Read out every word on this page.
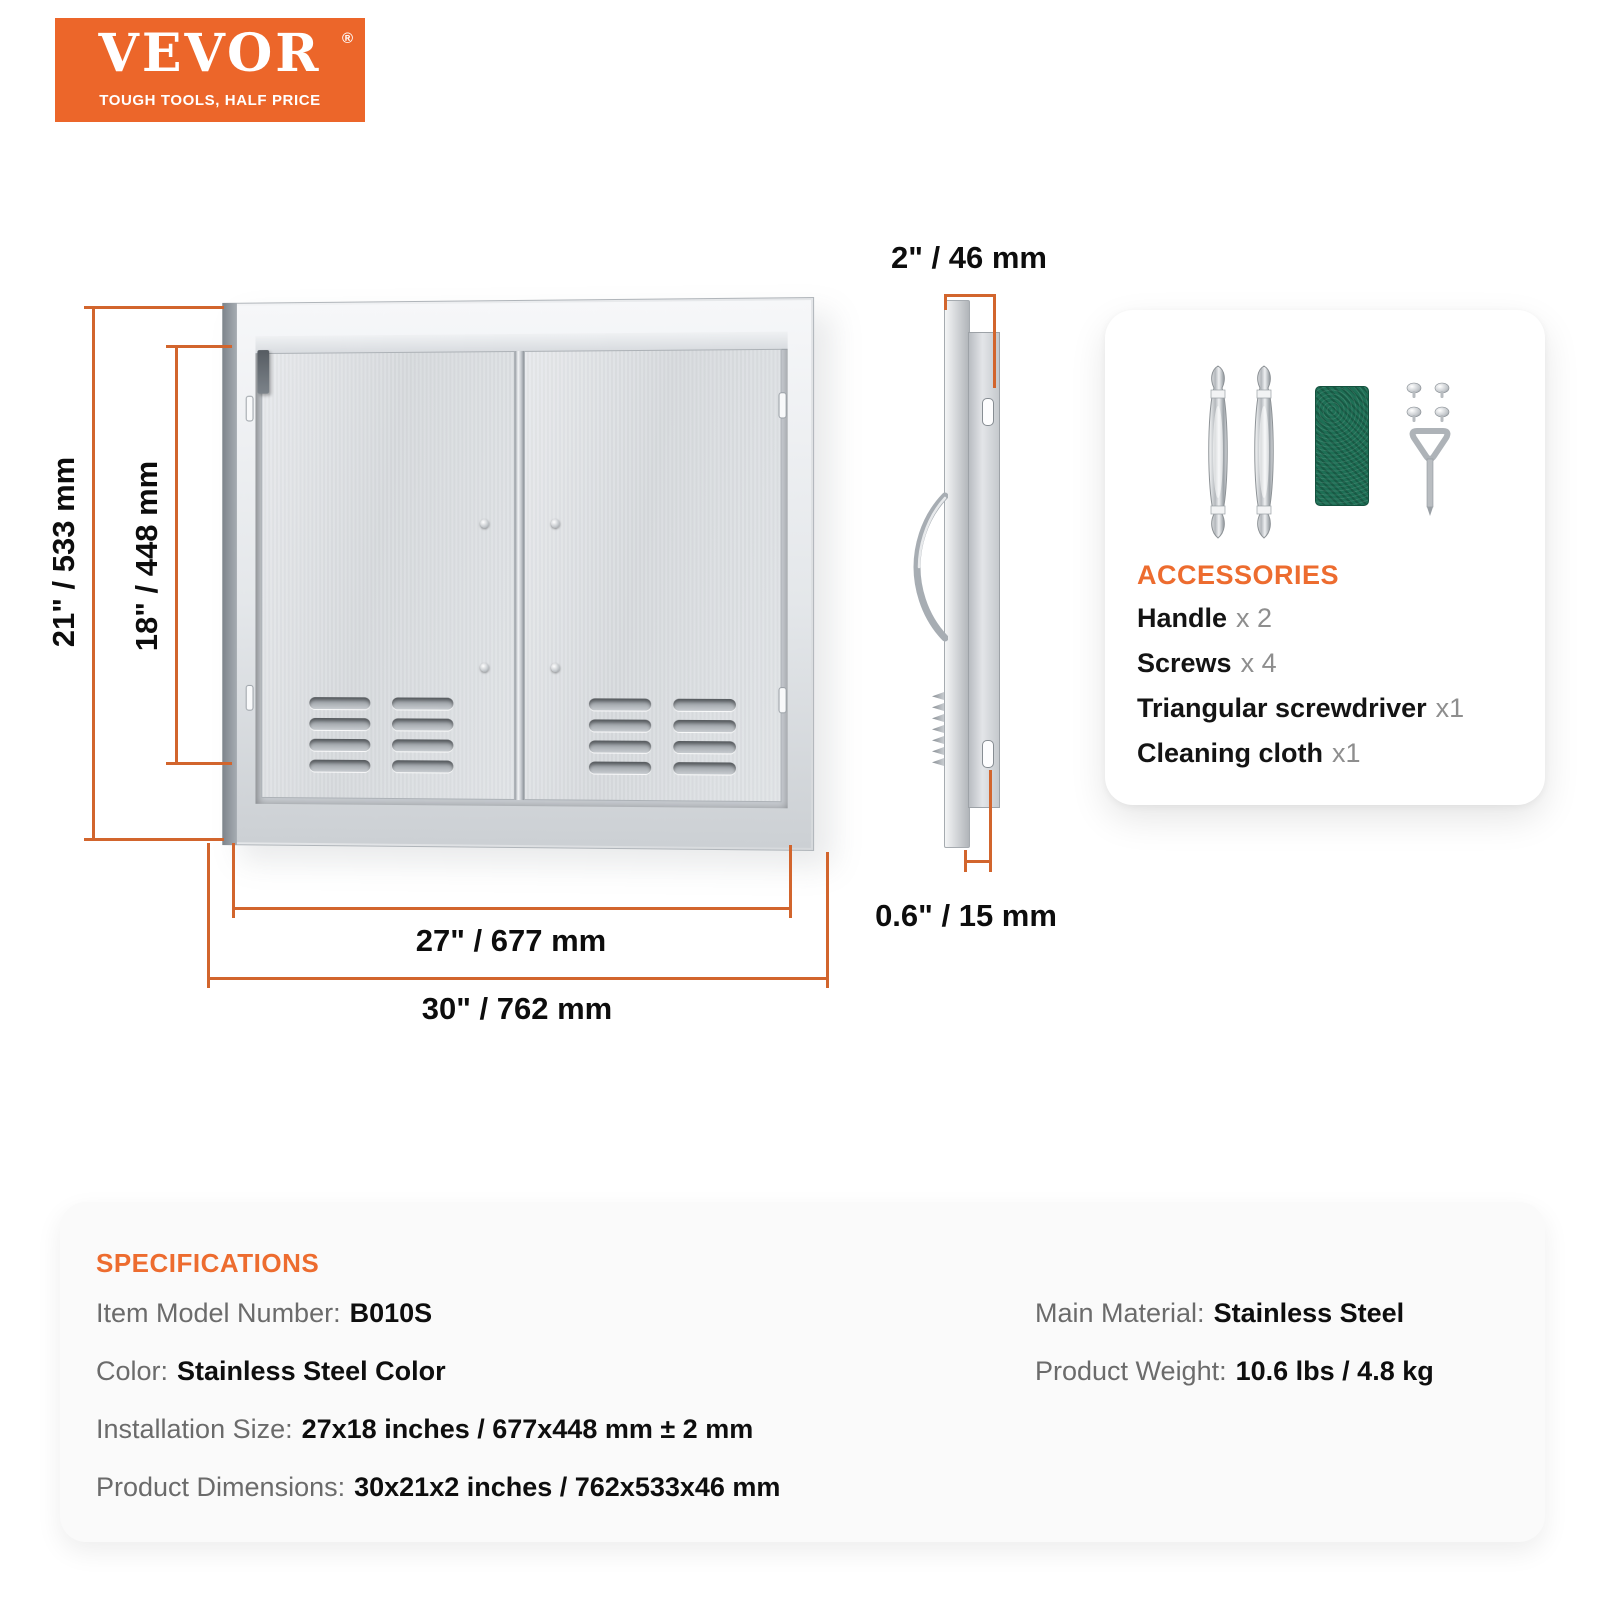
VEVOR	®
TOUGH TOOLS, HALF PRICE
21" / 533 mm 18" / 448 mm
27" / 677 mm
30" / 762 mm
2" / 46 mm
0.6" / 15 mm
ACCESSORIES
Handle x 2
Screws x 4
Triangular screwdriver x1
Cleaning cloth x1
SPECIFICATIONS
Item Model Number: B010S
Color: Stainless Steel Color
Installation Size: 27x18 inches / 677x448 mm ± 2 mm
Product Dimensions: 30x21x2 inches / 762x533x46 mm
Main Material: Stainless Steel
Product Weight: 10.6 lbs / 4.8 kg
